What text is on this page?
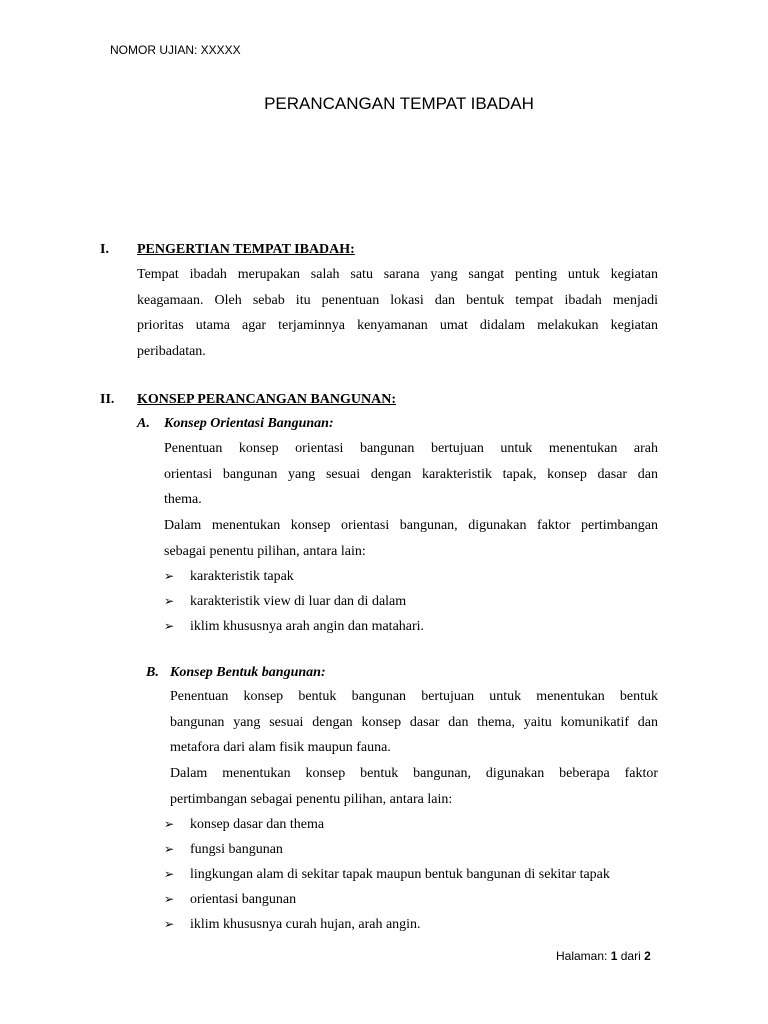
NOMOR UJIAN: XXXXX
PERANCANGAN TEMPAT IBADAH
I. PENGERTIAN TEMPAT IBADAH:
Tempat ibadah merupakan salah satu sarana yang sangat penting untuk kegiatan
keagamaan. Oleh sebab itu penentuan lokasi dan bentuk tempat ibadah menjadi
prioritas utama agar terjaminnya kenyamanan umat didalam melakukan kegiatan
peribadatan.
II. KONSEP PERANCANGAN BANGUNAN:
A. Konsep Orientasi Bangunan:
Penentuan konsep orientasi bangunan bertujuan untuk menentukan arah
orientasi bangunan yang sesuai dengan karakteristik tapak, konsep dasar dan
thema.
Dalam menentukan konsep orientasi bangunan, digunakan faktor pertimbangan
sebagai penentu pilihan, antara lain:
➢ karakteristik tapak
➢ karakteristik view di luar dan di dalam
➢ iklim khususnya arah angin dan matahari.
B. Konsep Bentuk bangunan:
Penentuan konsep bentuk bangunan bertujuan untuk menentukan bentuk
bangunan yang sesuai dengan konsep dasar dan thema, yaitu komunikatif dan
metafora dari alam fisik maupun fauna.
Dalam menentukan konsep bentuk bangunan, digunakan beberapa faktor
pertimbangan sebagai penentu pilihan, antara lain:
➢ konsep dasar dan thema
➢ fungsi bangunan
➢ lingkungan alam di sekitar tapak maupun bentuk bangunan di sekitar tapak
➢ orientasi bangunan
➢ iklim khususnya curah hujan, arah angin.
Halaman: 1 dari 2
